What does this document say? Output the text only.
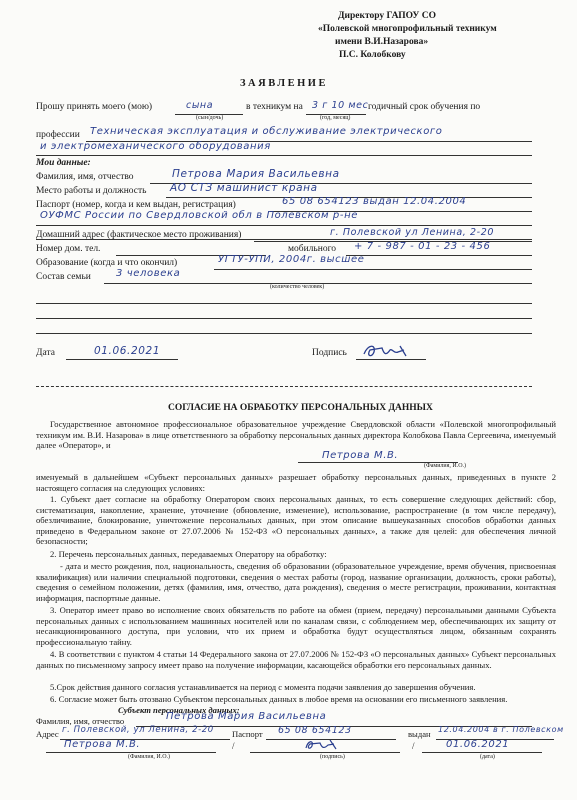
Директору ГАПОУ СО
«Полевской многопрофильный техникум
имени В.И.Назарова»
П.С. Колобкову
ЗАЯВЛЕНИЕ
Прошу принять моего (мою)	сына
(сын/дочь)
в техникум на 3 г 10 мес
(год, месяц)
годичный срок обучения по
профессии Техническая эксплуатация и обслуживание электрического
и электромеханического оборудования
Мои данные:
Фамилия, имя, отчество	Петрова Мария Васильевна
Место работы и должность АО СТЗ машинист крана
Паспорт (номер, когда и кем выдан, регистрация)	65 08 654123 выдан 12.04.2004
ОУФМС России по Свердловской обл в Полевском р-не
Домашний адрес (фактическое место проживания)	г. Полевской ул Ленина, 2-20
Номер дом. тел.	мобильного + 7 - 987 - 01 - 23 - 456
Образование (когда и что окончил)	УГТУ-УПИ, 2004г. высшее
Состав семьи	3 человека
(количество человек)
Дата	01.06.2021	Подпись
СОГЛАСИЕ НА ОБРАБОТКУ ПЕРСОНАЛЬНЫХ ДАННЫХ
Государственное автономное профессиональное образовательное учреждение Свердловской области «Полевской многопрофильный техникум им. В.И. Назарова» в лице ответственного за обработку персональных данных директора Колобкова Павла Сергеевича, именуемый далее «Оператор», и
Петрова М.В.
(Фамилия, И.О.)
именуемый в дальнейшем «Субъект персональных данных» разрешает обработку персональных данных, приведенных в пункте 2 настоящего согласия на следующих условиях:
1. Субъект дает согласие на обработку Оператором своих персональных данных, то есть совершение следующих действий: сбор, систематизация, накопление, хранение, уточнение (обновление, изменение), использование, распространение (в том числе передачу), обезличивание, блокирование, уничтожение персональных данных, при этом описание вышеуказанных способов обработки данных приведено в Федеральном законе от 27.07.2006 № 152-ФЗ «О персональных данных», а также для целей: для обеспечения личной безопасности;
2. Перечень персональных данных, передаваемых Оператору на обработку:
- дата и место рождения, пол, национальность, сведения об образовании (образовательное учреждение, время обучения, присвоенная квалификация) или наличии специальной подготовки, сведения о местах работы (город, название организации, должность, сроки работы), сведения о семейном положении, детях (фамилия, имя, отчество, дата рождения), сведения о месте регистрации, проживании, контактная информация, паспортные данные.
3. Оператор имеет право во исполнение своих обязательств по работе на обмен (прием, передачу) персональными данными Субъекта персональных данных с использованием машинных носителей или по каналам связи, с соблюдением мер, обеспечивающих их защиту от несанкционированного доступа, при условии, что их прием и обработка будут осуществляться лицом, обязанным сохранять профессиональную тайну.
4. В соответствии с пунктом 4 статьи 14 Федерального закона от 27.07.2006 № 152-ФЗ «О персональных данных» Субъект персональных данных по письменному запросу имеет право на получение информации, касающейся обработки его персональных данных.
5.Срок действия данного согласия устанавливается на период с момента подачи заявления до завершения обучения.
6. Согласие может быть отозвано Субъектом персональных данных в любое время на основании его письменного заявления.
Субъект персональных данных:
Фамилия, имя, отчество	Петрова Мария Васильевна
Адрес г. Полевской, ул Ленина, 2-20 Паспорт 65 08 654123	выдан 12.04.2004 в г. Полевском
Петрова М.В.	/	/	01.06.2021
(Фамилия, И.О.)	(подпись)	(дата)
